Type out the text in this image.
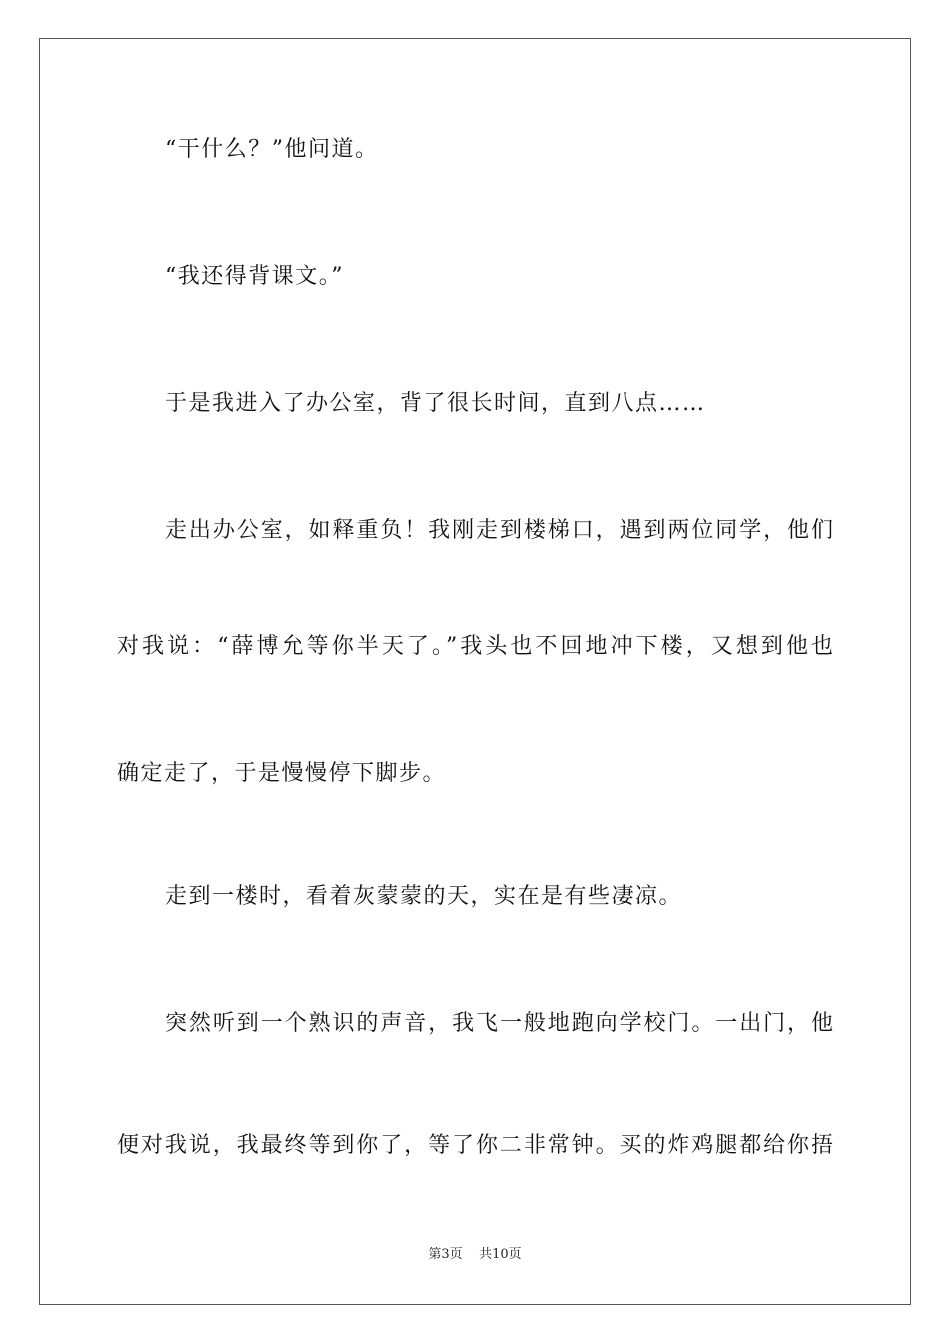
“干什么？”他问道。
“我还得背课文。”
于是我进入了办公室，背了很长时间，直到八点……
走出办公室，如释重负！我刚走到楼梯口，遇到两位同学，他们
对我说：“薛博允等你半天了。”我头也不回地冲下楼，又想到他也
确定走了，于是慢慢停下脚步。
走到一楼时，看着灰蒙蒙的天，实在是有些凄凉。
突然听到一个熟识的声音，我飞一般地跑向学校门。一出门，他
便对我说，我最终等到你了，等了你二非常钟。买的炸鸡腿都给你捂
第3页 共10页
